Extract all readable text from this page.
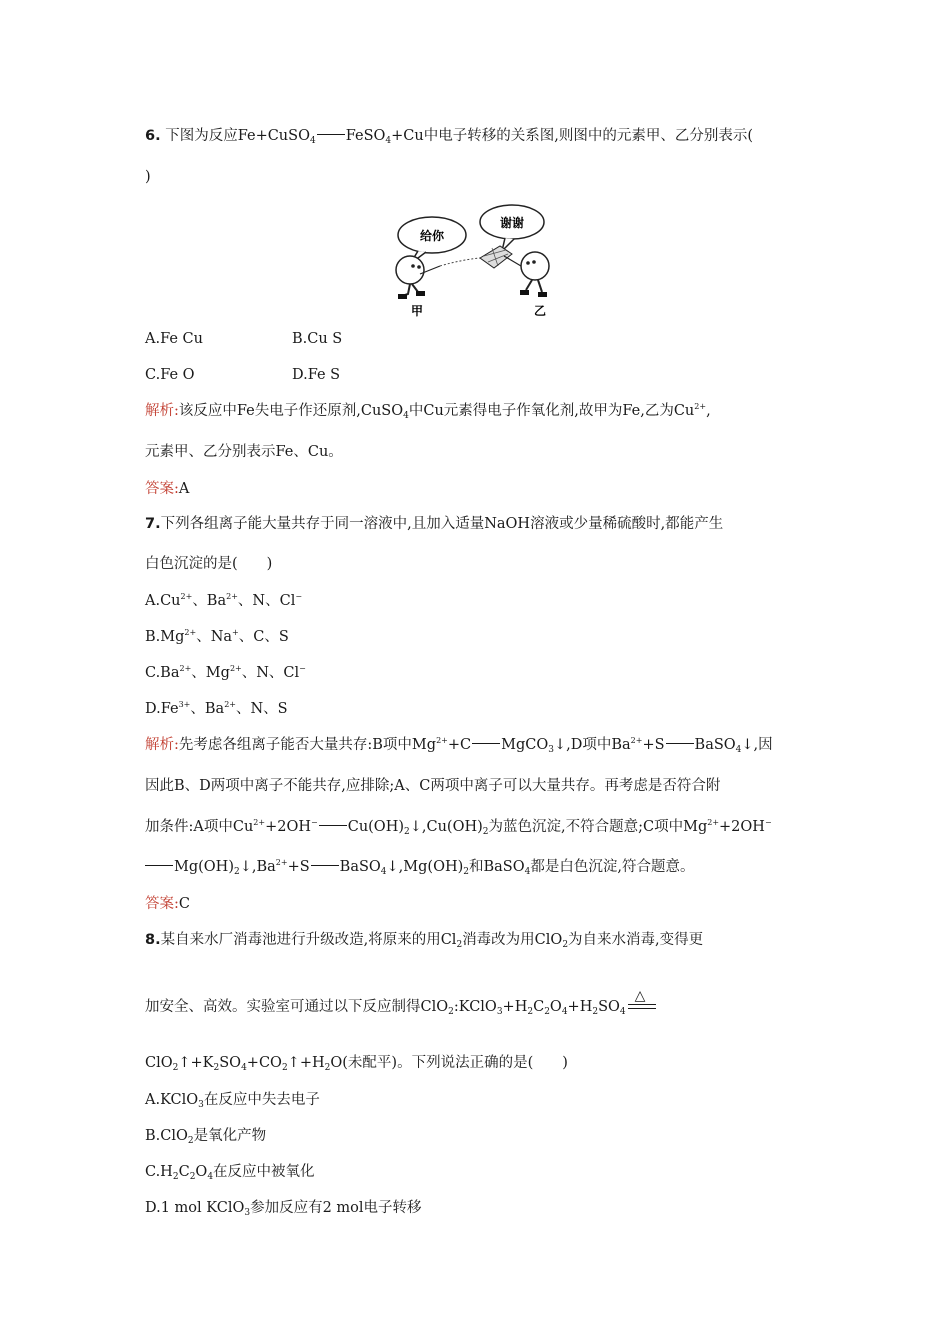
6. 下图为反应Fe+CuSO$_4$ FeSO$_4$+Cu中电子转移的关系图,则图中的元素甲、乙分别表示(
)
给你
谢谢
甲	乙
A.Fe Cu	B.Cu S
C.Fe O	D.Fe S
解析:该反应中Fe失电子作还原剂,CuSO$_4$中Cu元素得电子作氧化剂,故甲为Fe,乙为$Cu^{2+}$,
元素甲、乙分别表示Fe、Cu。
答案:A
7.下列各组离子能大量共存于同一溶液中,且加入适量NaOH溶液或少量稀硫酸时,都能产生
白色沉淀的是(　　)
$A.Cu^{2+}$、$Ba^{2+}$、N、Cl−
$B.Mg^{2+}$、Na+、C、S
$C.Ba^{2+}$、$Mg^{2+}$、N、Cl−
$D.Fe^{3+}$、$Ba^{2+}$、N、S
解析:先考虑各组离子能否大量共存:B项中$Mg^{2+}+C$ MgCO$_3$↓,D项中$Ba^{2+}+S$ BaSO$_4$↓,因
因此B、D两项中离子不能共存,应排除;A、C两项中离子可以大量共存。再考虑是否符合附
加条件:A项中$Cu^{2+}+2OH^-$ $Cu(OH)_2↓,Cu(OH)_2$为蓝色沉淀,不符合题意;C项中$Mg^{2+}+2OH^-$
$Mg(OH)_2↓,Ba^{2+}+S$ $BaSO_4↓,Mg(OH)_2$和BaSO$_4$都是白色沉淀,符合题意。
答案:C
8.某自来水厂消毒池进行升级改造,将原来的用$Cl_2$消毒改为用ClO$_2$为自来水消毒,变得更
加安全、高效。实验室可通过以下反应制得$ClO_2:KClO_3+H_2C_2O_4+H_2SO_4$
△
$ClO_2↑+K_2SO_4+CO_2↑+H_2O$(未配平)。下列说法正确的是(　　)
A.KClO$_3$在反应中失去电子
B.ClO$_2$是氧化产物
$C.H_2C_2O_4$在反应中被氧化
D.1 mol KClO$_3$参加反应有2 mol电子转移
